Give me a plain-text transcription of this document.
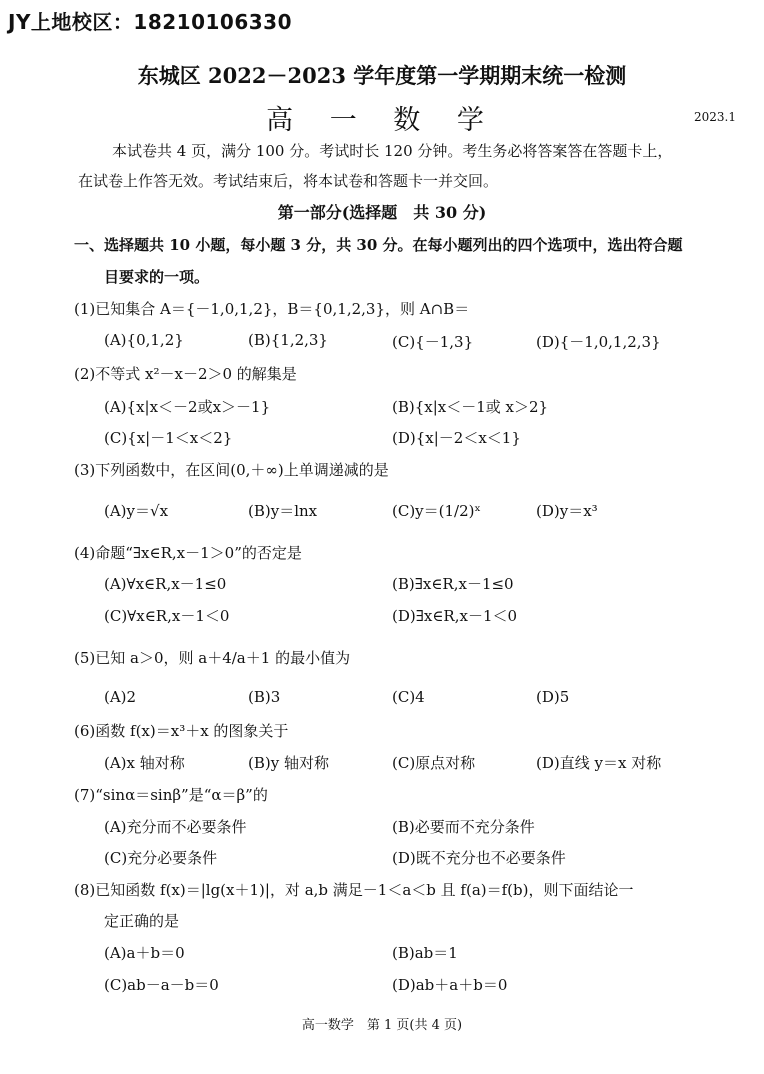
JY上地校区：18210106330
东城区 2022－2023 学年度第一学期期末统一检测
高 一 数 学	2023.1
本试卷共 4 页，满分 100 分。考试时长 120 分钟。考生务必将答案答在答题卡上，
在试卷上作答无效。考试结束后，将本试卷和答题卡一并交回。
第一部分(选择题　共 30 分)
一、选择题共 10 小题，每小题 3 分，共 30 分。在每小题列出的四个选项中，选出符合题
目要求的一项。
(1)已知集合 A＝{－1,0,1,2}，B＝{0,1,2,3}，则 A∩B＝
(A){0,1,2}	(B){1,2,3}	(C){－1,3}	(D){－1,0,1,2,3}
(2)不等式 x²－x－2＞0 的解集是
(A){x|x＜－2或x＞－1}	(B){x|x＜－1或 x＞2}
(C){x|－1＜x＜2}	(D){x|－2＜x＜1}
(3)下列函数中，在区间(0,＋∞)上单调递减的是
(A)y＝√x	(B)y＝lnx	(C)y＝(1/2)ˣ	(D)y＝x³
(4)命题“∃x∈R,x－1＞0”的否定是
(A)∀x∈R,x－1≤0	(B)∃x∈R,x－1≤0
(C)∀x∈R,x－1＜0	(D)∃x∈R,x－1＜0
(5)已知 a＞0，则 a＋4/a＋1 的最小值为
(A)2	(B)3	(C)4	(D)5
(6)函数 f(x)＝x³＋x 的图象关于
(A)x 轴对称	(B)y 轴对称	(C)原点对称	(D)直线 y＝x 对称
(7)“sinα＝sinβ”是“α＝β”的
(A)充分而不必要条件	(B)必要而不充分条件
(C)充分必要条件	(D)既不充分也不必要条件
(8)已知函数 f(x)＝|lg(x＋1)|，对 a,b 满足－1＜a＜b 且 f(a)＝f(b)，则下面结论一
定正确的是
(A)a＋b＝0	(B)ab＝1
(C)ab－a－b＝0	(D)ab＋a＋b＝0
高一数学　第 1 页(共 4 页)
